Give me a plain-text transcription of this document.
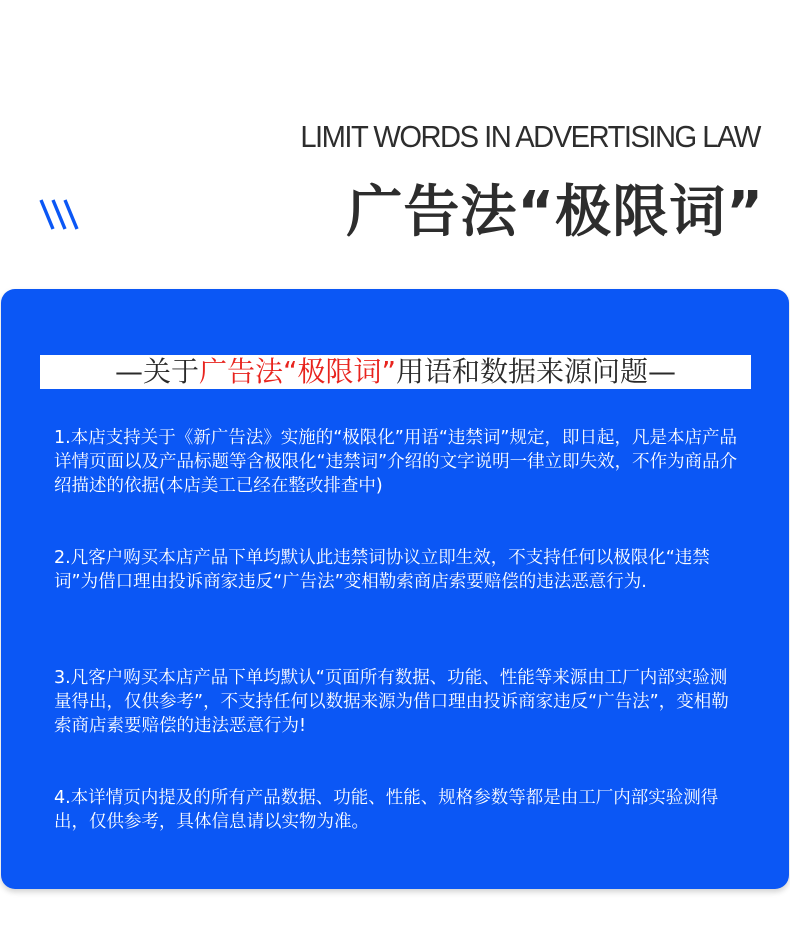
LIMIT WORDS IN ADVERTISING LAW
广告法“极限词”
—关于广告法“极限词”用语和数据来源问题—

1.本店支持关于《新广告法》实施的“极限化”用语“违禁词”规定，即日起，凡是本店产品详情页面以及产品标题等含极限化“违禁词”介绍的文字说明一律立即失效，不作为商品介绍描述的依据(本店美工已经在整改排查中)

2.凡客户购买本店产品下单均默认此违禁词协议立即生效，不支持任何以极限化“违禁词”为借口理由投诉商家违反“广告法”变相勒索商店索要赔偿的违法恶意行为.

3.凡客户购买本店产品下单均默认“页面所有数据、功能、性能等来源由工厂内部实验测量得出，仅供参考”，不支持任何以数据来源为借口理由投诉商家违反“广告法”，变相勒索商店素要赔偿的违法恶意行为!

4.本详情页内提及的所有产品数据、功能、性能、规格参数等都是由工厂内部实验测得出，仅供参考，具体信息请以实物为准。
